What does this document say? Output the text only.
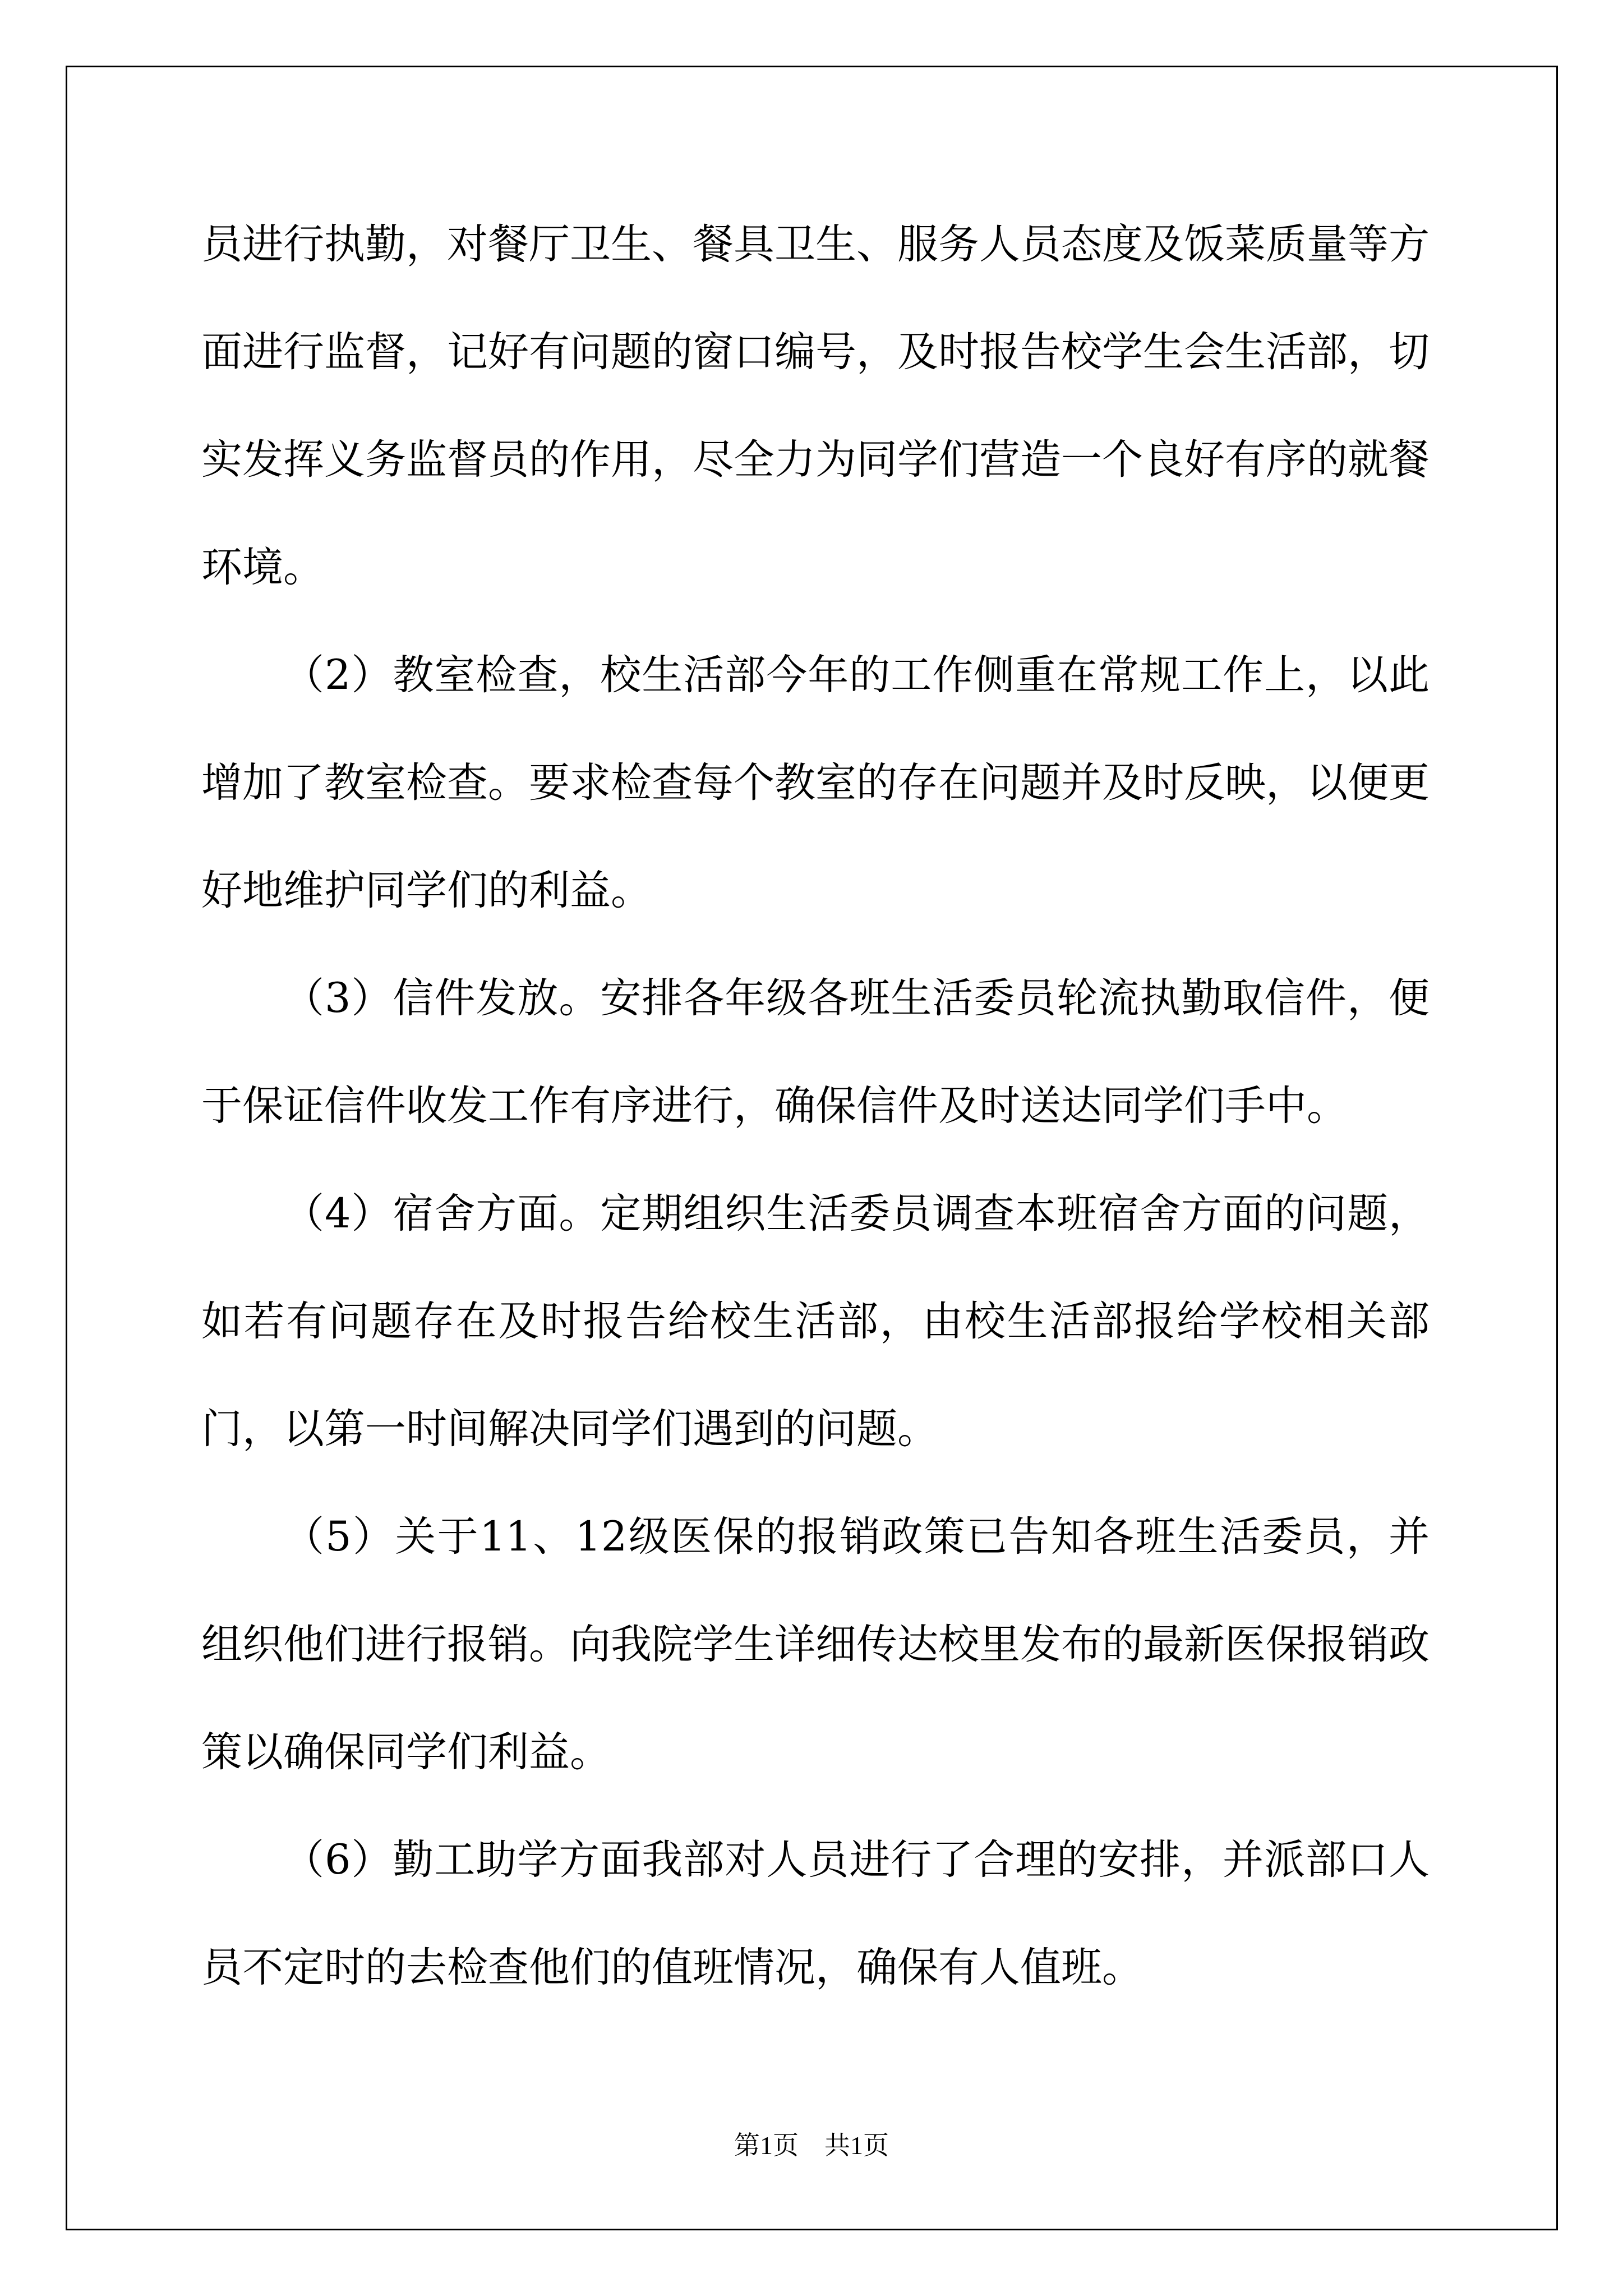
员进行执勤，对餐厅卫生、餐具卫生、服务人员态度及饭菜质量等方面进行监督，记好有问题的窗口编号，及时报告校学生会生活部，切实发挥义务监督员的作用，尽全力为同学们营造一个良好有序的就餐环境。

（2）教室检查，校生活部今年的工作侧重在常规工作上，以此增加了教室检查。要求检查每个教室的存在问题并及时反映，以便更好地维护同学们的利益。

（3）信件发放。安排各年级各班生活委员轮流执勤取信件，便于保证信件收发工作有序进行，确保信件及时送达同学们手中。

（4）宿舍方面。定期组织生活委员调查本班宿舍方面的问题，如若有问题存在及时报告给校生活部，由校生活部报给学校相关部门，以第一时间解决同学们遇到的问题。

（5）关于11、12级医保的报销政策已告知各班生活委员，并组织他们进行报销。向我院学生详细传达校里发布的最新医保报销政策以确保同学们利益。

（6）勤工助学方面我部对人员进行了合理的安排，并派部口人员不定时的去检查他们的值班情况，确保有人值班。

第1页　共1页
